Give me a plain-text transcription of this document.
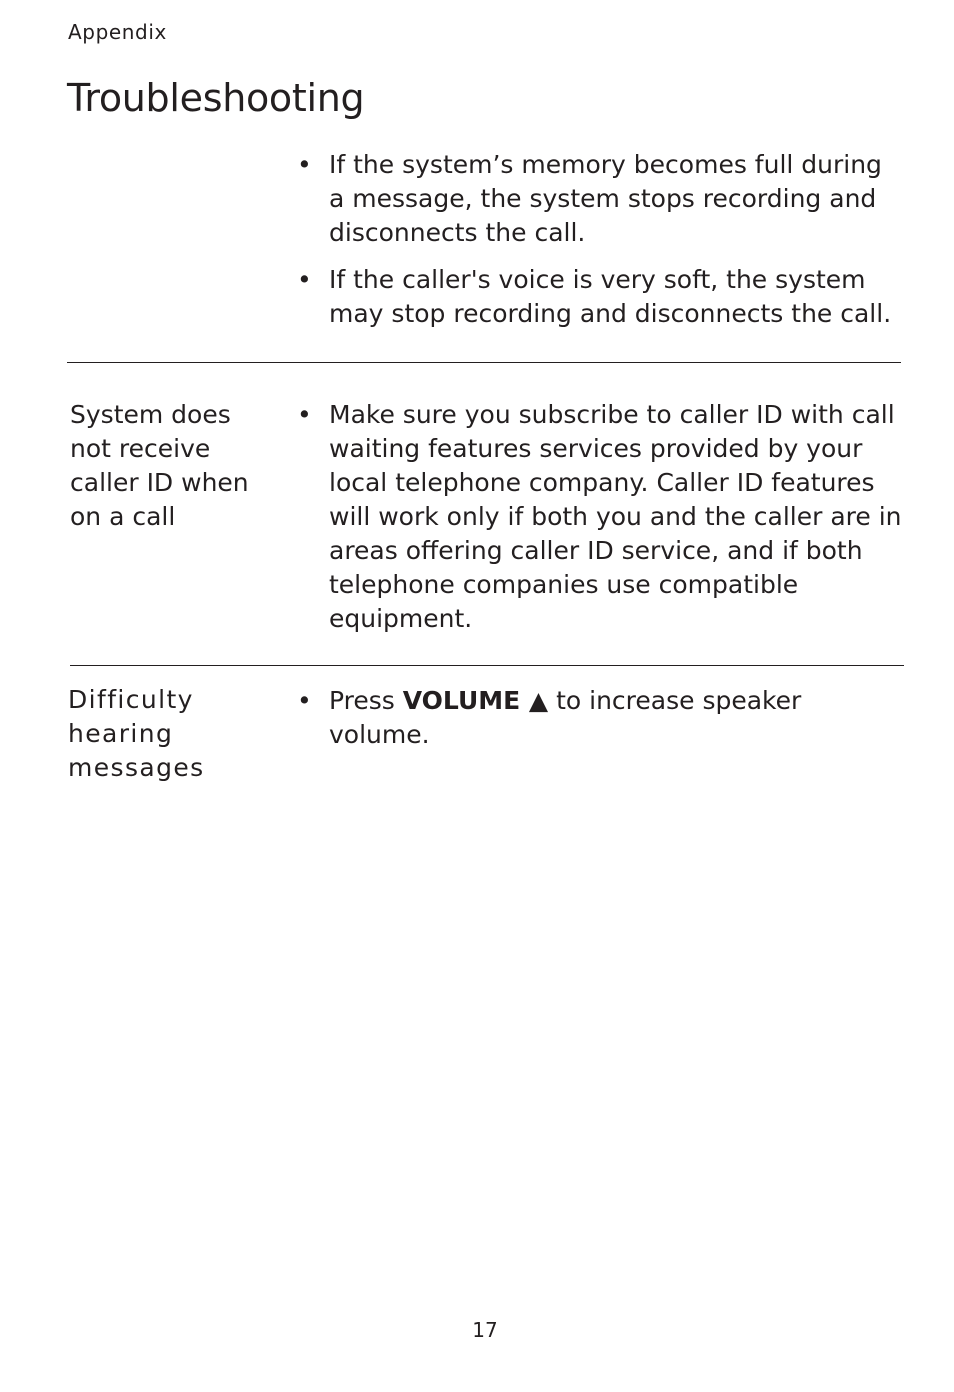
Appendix
Troubleshooting

• If the system’s memory becomes full during a message, the system stops recording and disconnects the call.

• If the caller's voice is very soft, the system may stop recording and disconnects the call.

System does not receive caller ID when on a call

• Make sure you subscribe to caller ID with call waiting features services provided by your local telephone company. Caller ID features will work only if both you and the caller are in areas offering caller ID service, and if both telephone companies use compatible equipment.

Difficulty hearing messages

• Press VOLUME ▲ to increase speaker volume.

17
